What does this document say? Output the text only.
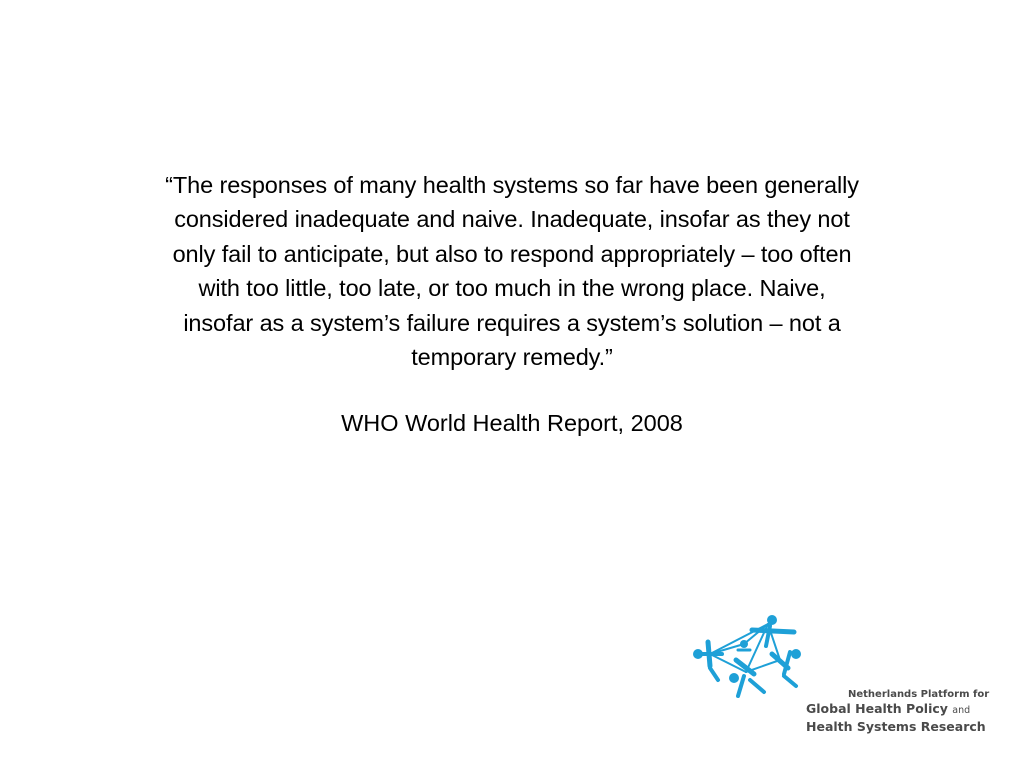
“The responses of many health systems so far have been generally
considered inadequate and naive. Inadequate, insofar as they not
only fail to anticipate, but also to respond appropriately – too often
with too little, too late, or too much in the wrong place. Naive,
insofar as a system’s failure requires a system’s solution – not a
temporary remedy.”

WHO World Health Report, 2008

Netherlands Platform for
Global Health Policy and
Health Systems Research
